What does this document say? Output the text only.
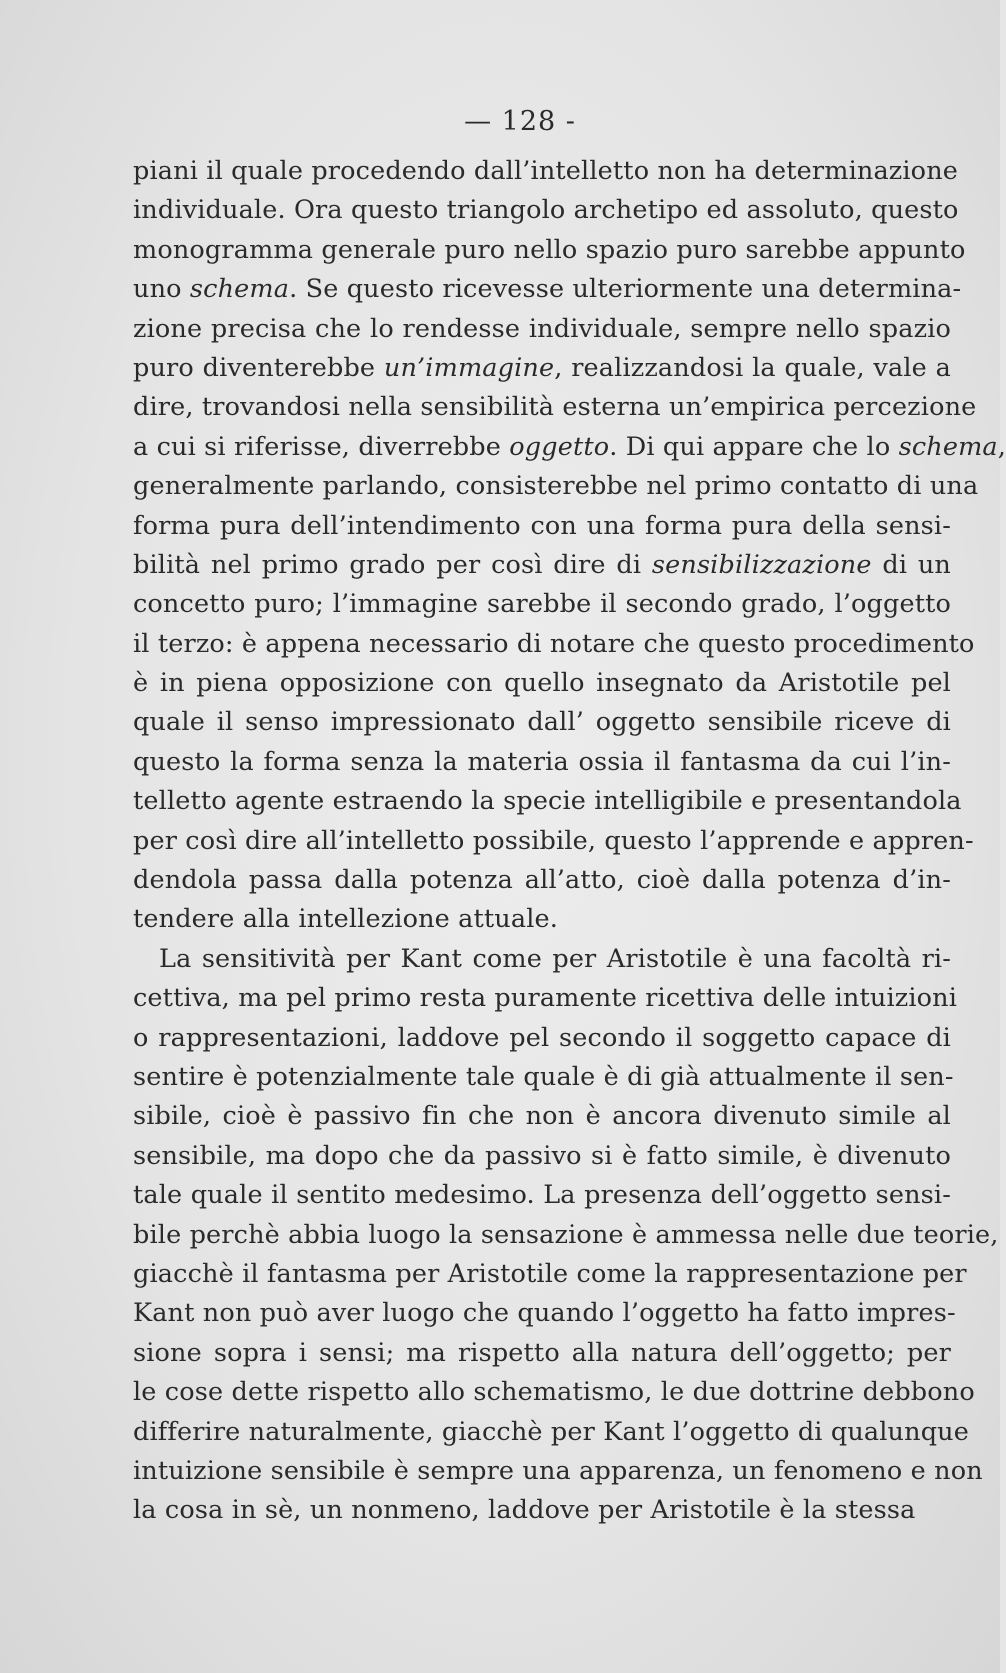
— 128 -
piani il quale procedendo dall’intelletto non ha determinazione
individuale. Ora questo triangolo archetipo ed assoluto, questo
monogramma generale puro nello spazio puro sarebbe appunto
uno schema. Se questo ricevesse ulteriormente una determina-
zione precisa che lo rendesse individuale, sempre nello spazio
puro diventerebbe un’immagine, realizzandosi la quale, vale a
dire, trovandosi nella sensibilità esterna un’empirica percezione
a cui si riferisse, diverrebbe oggetto. Di qui appare che lo schema,
generalmente parlando, consisterebbe nel primo contatto di una
forma pura dell’intendimento con una forma pura della sensi-
bilità nel primo grado per così dire di sensibilizzazione di un
concetto puro; l’immagine sarebbe il secondo grado, l’oggetto
il terzo: è appena necessario di notare che questo procedimento
è in piena opposizione con quello insegnato da Aristotile pel
quale il senso impressionato dall’ oggetto sensibile riceve di
questo la forma senza la materia ossia il fantasma da cui l’in-
telletto agente estraendo la specie intelligibile e presentandola
per così dire all’intelletto possibile, questo l’apprende e appren-
dendola passa dalla potenza all’atto, cioè dalla potenza d’in-
tendere alla intellezione attuale.
La sensitività per Kant come per Aristotile è una facoltà ri-
cettiva, ma pel primo resta puramente ricettiva delle intuizioni
o rappresentazioni, laddove pel secondo il soggetto capace di
sentire è potenzialmente tale quale è di già attualmente il sen-
sibile, cioè è passivo fin che non è ancora divenuto simile al
sensibile, ma dopo che da passivo si è fatto simile, è divenuto
tale quale il sentito medesimo. La presenza dell’oggetto sensi-
bile perchè abbia luogo la sensazione è ammessa nelle due teorie,
giacchè il fantasma per Aristotile come la rappresentazione per
Kant non può aver luogo che quando l’oggetto ha fatto impres-
sione sopra i sensi; ma rispetto alla natura dell’oggetto; per
le cose dette rispetto allo schematismo, le due dottrine debbono
differire naturalmente, giacchè per Kant l’oggetto di qualunque
intuizione sensibile è sempre una apparenza, un fenomeno e non
la cosa in sè, un nonmeno, laddove per Aristotile è la stessa
